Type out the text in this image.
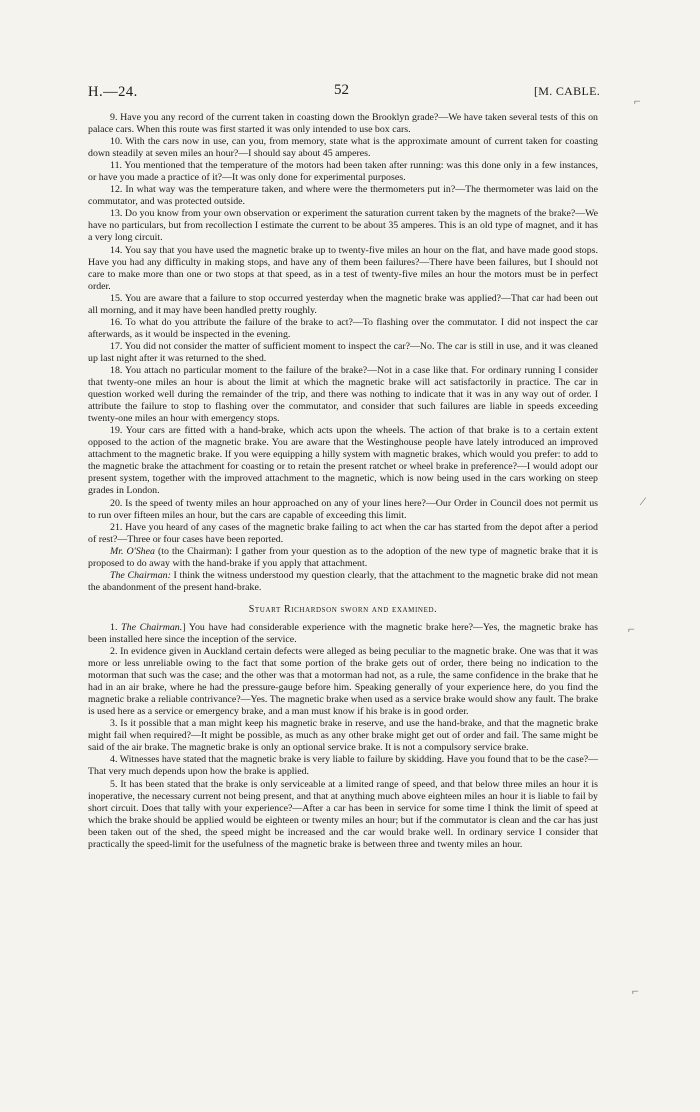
H.—24.	52	[M. CABLE.
⌐
⁄
⌐
⌐

9. Have you any record of the current taken in coasting down the Brooklyn grade?—We have taken several tests of this on palace cars. When this route was first started it was only intended to use box cars.

10. With the cars now in use, can you, from memory, state what is the approximate amount of current taken for coasting down steadily at seven miles an hour?—I should say about 45 amperes.

11. You mentioned that the temperature of the motors had been taken after running: was this done only in a few instances, or have you made a practice of it?—It was only done for experimental purposes.

12. In what way was the temperature taken, and where were the thermometers put in?—The thermometer was laid on the commutator, and was protected outside.

13. Do you know from your own observation or experiment the saturation current taken by the magnets of the brake?—We have no particulars, but from recollection I estimate the current to be about 35 amperes. This is an old type of magnet, and it has a very long circuit.

14. You say that you have used the magnetic brake up to twenty-five miles an hour on the flat, and have made good stops. Have you had any difficulty in making stops, and have any of them been failures?—There have been failures, but I should not care to make more than one or two stops at that speed, as in a test of twenty-five miles an hour the motors must be in perfect order.

15. You are aware that a failure to stop occurred yesterday when the magnetic brake was applied?—That car had been out all morning, and it may have been handled pretty roughly.

16. To what do you attribute the failure of the brake to act?—To flashing over the commutator. I did not inspect the car afterwards, as it would be inspected in the evening.

17. You did not consider the matter of sufficient moment to inspect the car?—No. The car is still in use, and it was cleaned up last night after it was returned to the shed.

18. You attach no particular moment to the failure of the brake?—Not in a case like that. For ordinary running I consider that twenty-one miles an hour is about the limit at which the magnetic brake will act satisfactorily in practice. The car in question worked well during the remainder of the trip, and there was nothing to indicate that it was in any way out of order. I attribute the failure to stop to flashing over the commutator, and consider that such failures are liable in speeds exceeding twenty-one miles an hour with emergency stops.

19. Your cars are fitted with a hand-brake, which acts upon the wheels. The action of that brake is to a certain extent opposed to the action of the magnetic brake. You are aware that the Westinghouse people have lately introduced an improved attachment to the magnetic brake. If you were equipping a hilly system with magnetic brakes, which would you prefer: to add to the magnetic brake the attachment for coasting or to retain the present ratchet or wheel brake in preference?—I would adopt our present system, together with the improved attachment to the magnetic, which is now being used in the cars working on steep grades in London.

20. Is the speed of twenty miles an hour approached on any of your lines here?—Our Order in Council does not permit us to run over fifteen miles an hour, but the cars are capable of exceeding this limit.

21. Have you heard of any cases of the magnetic brake failing to act when the car has started from the depot after a period of rest?—Three or four cases have been reported.

Mr. O'Shea (to the Chairman): I gather from your question as to the adoption of the new type of magnetic brake that it is proposed to do away with the hand-brake if you apply that attachment.

The Chairman: I think the witness understood my question clearly, that the attachment to the magnetic brake did not mean the abandonment of the present hand-brake.

Stuart Richardson sworn and examined.

1. The Chairman.] You have had considerable experience with the magnetic brake here?—Yes, the magnetic brake has been installed here since the inception of the service.

2. In evidence given in Auckland certain defects were alleged as being peculiar to the magnetic brake. One was that it was more or less unreliable owing to the fact that some portion of the brake gets out of order, there being no indication to the motorman that such was the case; and the other was that a motorman had not, as a rule, the same confidence in the brake that he had in an air brake, where he had the pressure-gauge before him. Speaking generally of your experience here, do you find the magnetic brake a reliable contrivance?—Yes. The magnetic brake when used as a service brake would show any fault. The brake is used here as a service or emergency brake, and a man must know if his brake is in good order.

3. Is it possible that a man might keep his magnetic brake in reserve, and use the hand-brake, and that the magnetic brake might fail when required?—It might be possible, as much as any other brake might get out of order and fail. The same might be said of the air brake. The magnetic brake is only an optional service brake. It is not a compulsory service brake.

4. Witnesses have stated that the magnetic brake is very liable to failure by skidding. Have you found that to be the case?—That very much depends upon how the brake is applied.

5. It has been stated that the brake is only serviceable at a limited range of speed, and that below three miles an hour it is inoperative, the necessary current not being present, and that at anything much above eighteen miles an hour it is liable to fail by short circuit. Does that tally with your experience?—After a car has been in service for some time I think the limit of speed at which the brake should be applied would be eighteen or twenty miles an hour; but if the commutator is clean and the car has just been taken out of the shed, the speed might be increased and the car would brake well. In ordinary service I consider that practically the speed-limit for the usefulness of the magnetic brake is between three and twenty miles an hour.
